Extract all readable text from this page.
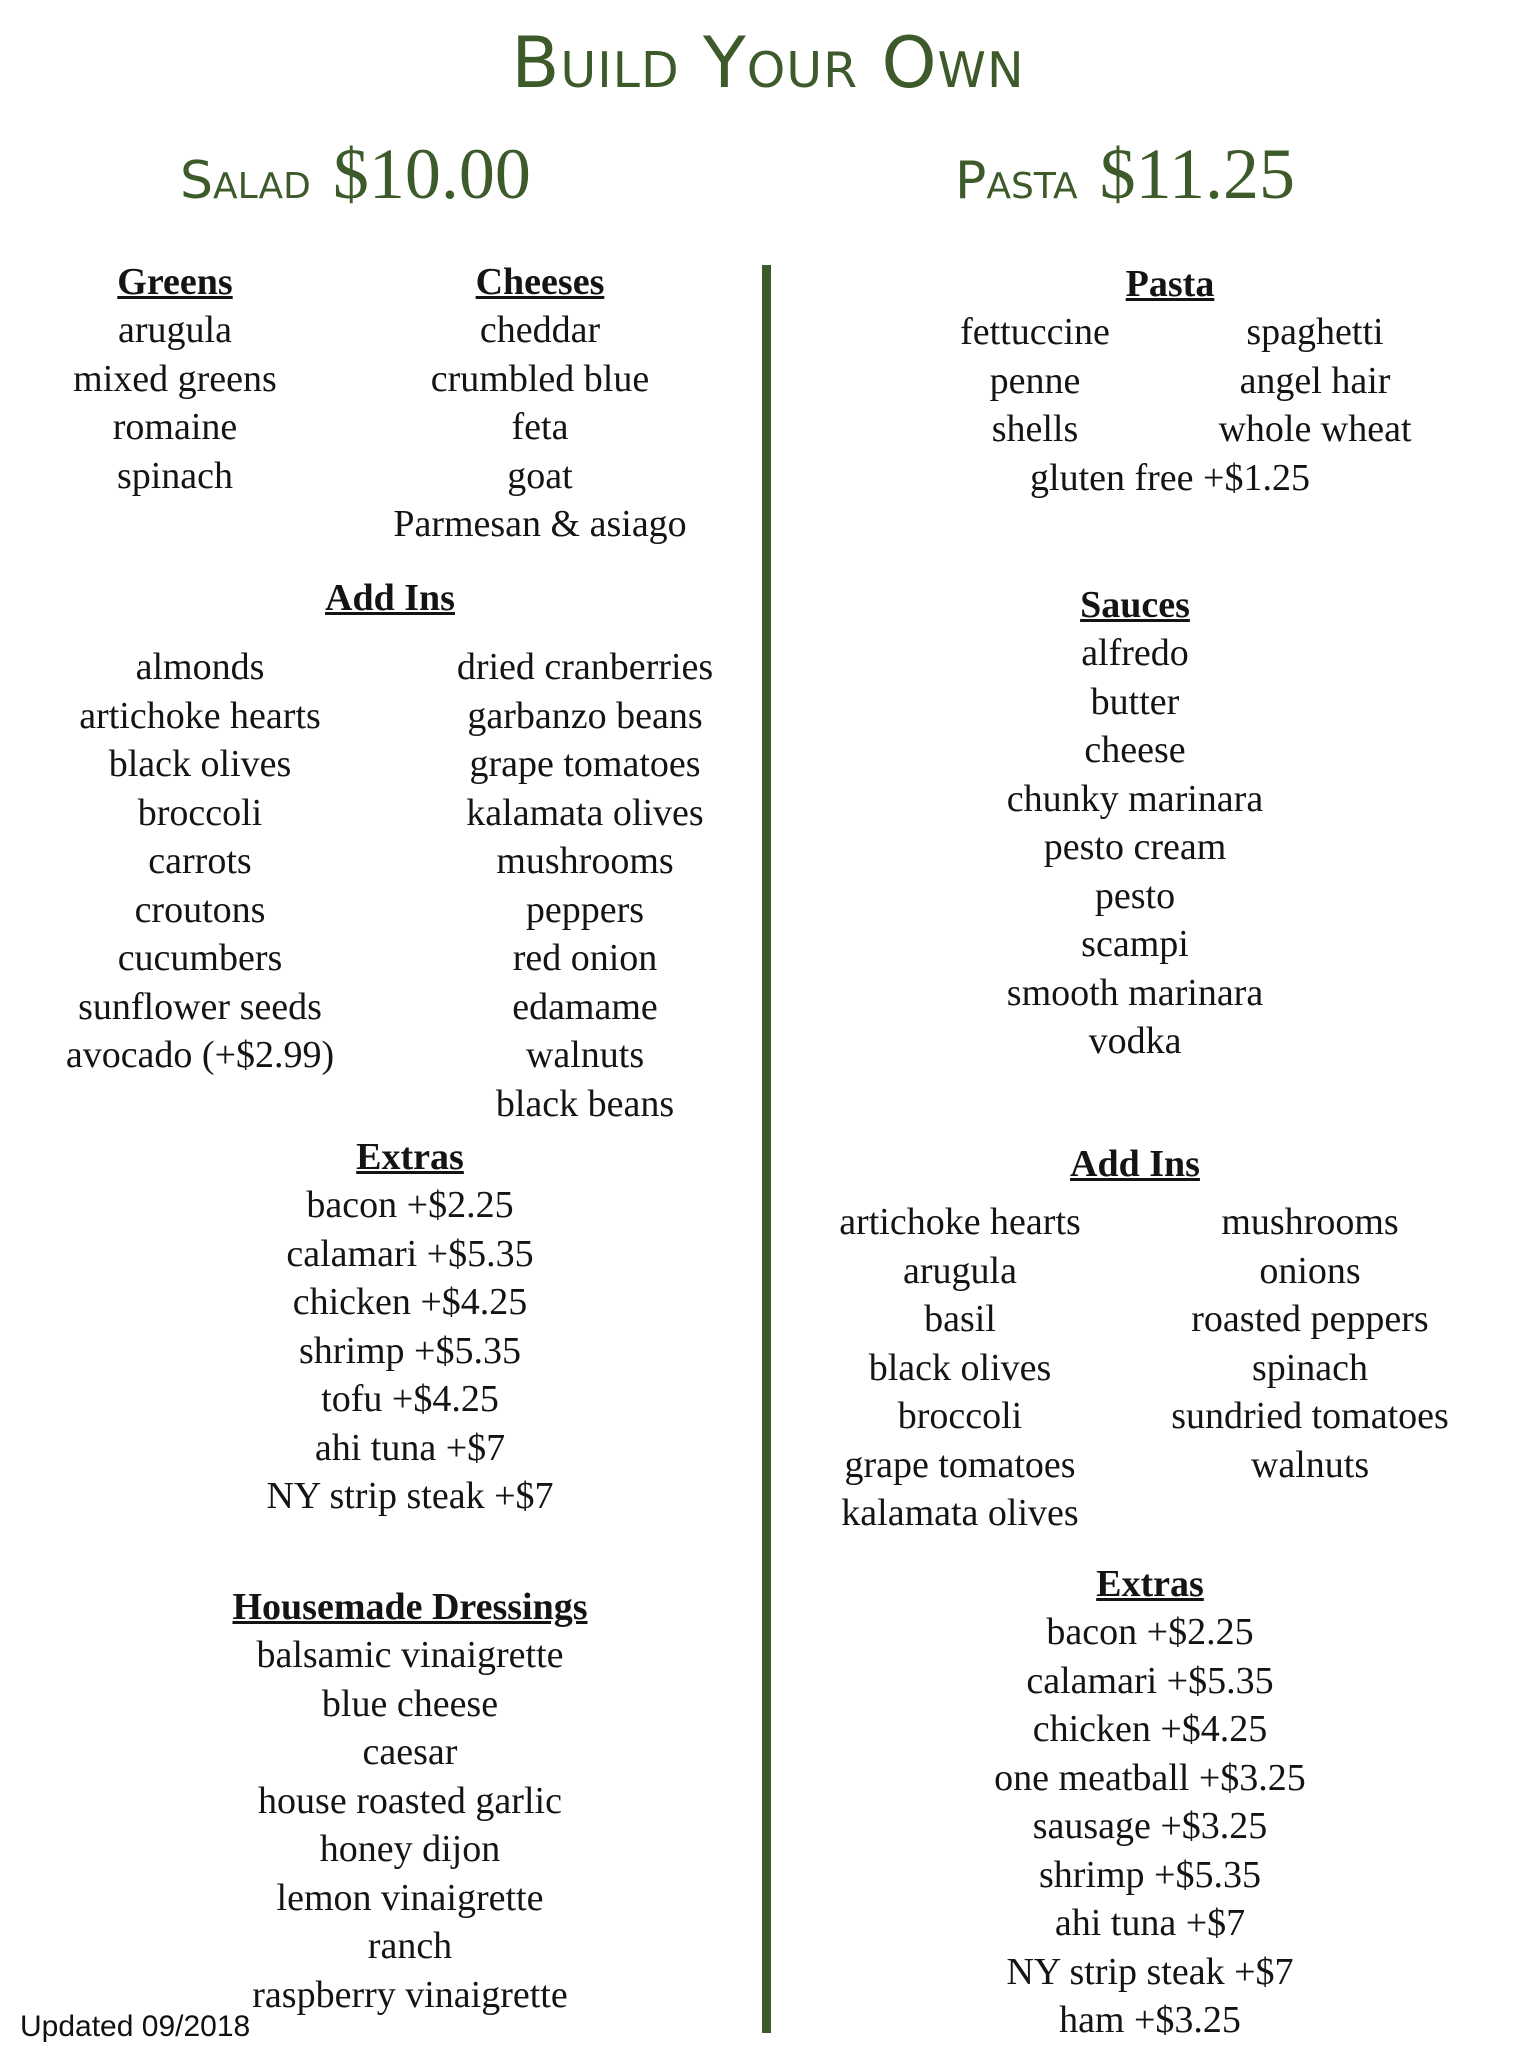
Build Your Own
Salad $10.00	Pasta $11.25
Greens
arugula
mixed greens
romaine
spinach
Cheeses
cheddar
crumbled blue
feta
goat
Parmesan & asiago
Add Ins
almonds
artichoke hearts
black olives
broccoli
carrots
croutons
cucumbers
sunflower seeds
avocado (+$2.99)
dried cranberries
garbanzo beans
grape tomatoes
kalamata olives
mushrooms
peppers
red onion
edamame
walnuts
black beans
Extras
bacon +$2.25
calamari +$5.35
chicken +$4.25
shrimp +$5.35
tofu +$4.25
ahi tuna +$7
NY strip steak +$7
Housemade Dressings
balsamic vinaigrette
blue cheese
caesar
house roasted garlic
honey dijon
lemon vinaigrette
ranch
raspberry vinaigrette
Pasta
fettuccine
penne
shells
spaghetti
angel hair
whole wheat
gluten free +$1.25
Sauces
alfredo
butter
cheese
chunky marinara
pesto cream
pesto
scampi
smooth marinara
vodka
Add Ins
artichoke hearts
arugula
basil
black olives
broccoli
grape tomatoes
kalamata olives
mushrooms
onions
roasted peppers
spinach
sundried tomatoes
walnuts
Extras
bacon +$2.25
calamari +$5.35
chicken +$4.25
one meatball +$3.25
sausage +$3.25
shrimp +$5.35
ahi tuna +$7
NY strip steak +$7
ham +$3.25
Updated 09/2018
